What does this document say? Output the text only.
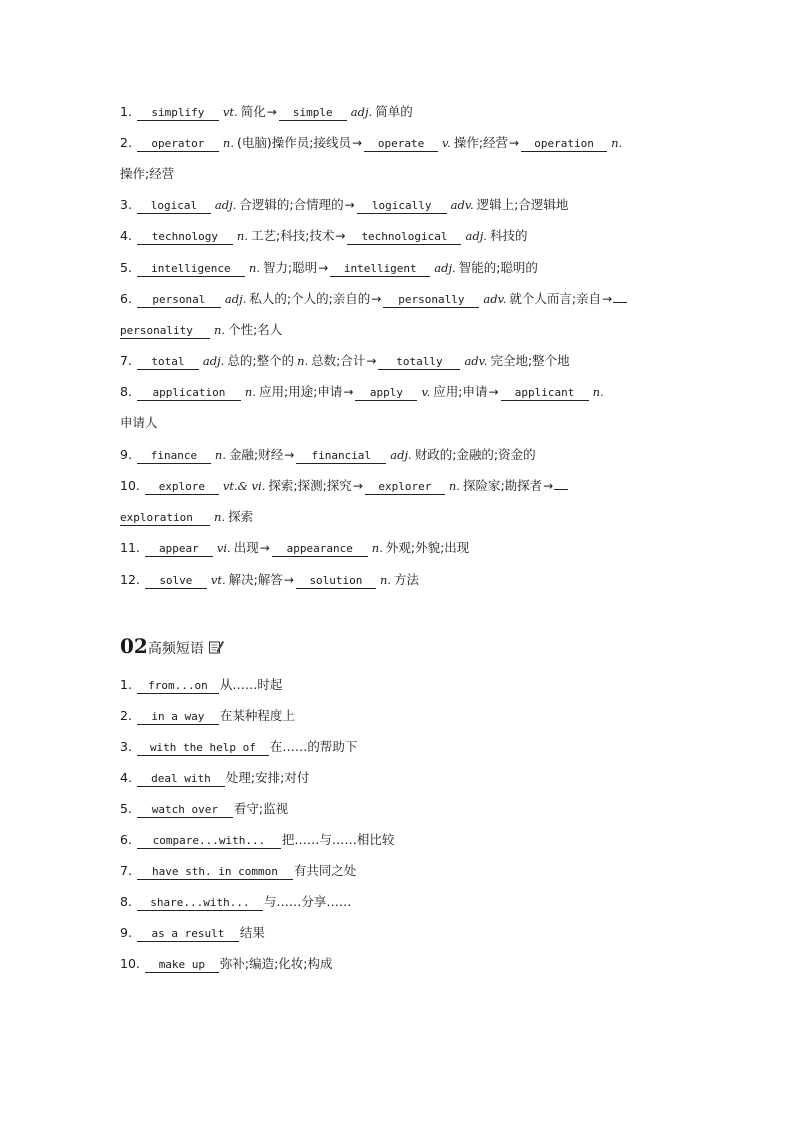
1. simplify vt. 简化→ simple adj. 简单的
2. operator n. (电脑)操作员;接线员→ operate v. 操作;经营→ operation n.
操作;经营
3. logical adj. 合逻辑的;合情理的→ logically adv. 逻辑上;合逻辑地
4. technology n. 工艺;科技;技术→ technological adj. 科技的
5. intelligence n. 智力;聪明→ intelligent adj. 智能的;聪明的
6. personal adj. 私人的;个人的;亲自的→ personally adv. 就个人而言;亲自→
personality n. 个性;名人
7. total adj. 总的;整个的 n. 总数;合计→ totally adv. 完全地;整个地
8. application n. 应用;用途;申请→ apply v. 应用;申请→ applicant n.
申请人
9. finance n. 金融;财经→ financial adj. 财政的;金融的;资金的
10. explore vt.& vi. 探索;探测;探究→ explorer n. 探险家;勘探者→
exploration n. 探索
11. appear vi. 出现→ appearance n. 外观;外貌;出现
12. solve vt. 解决;解答→ solution n. 方法
02高频短语
1. from...on 从……时起
2. in a way 在某种程度上
3. with the help of 在……的帮助下
4. deal with 处理;安排;对付
5. watch over 看守;监视
6. compare...with... 把……与……相比较
7. have sth. in common 有共同之处
8. share...with... 与……分享……
9. as a result 结果
10. make up 弥补;编造;化妆;构成
